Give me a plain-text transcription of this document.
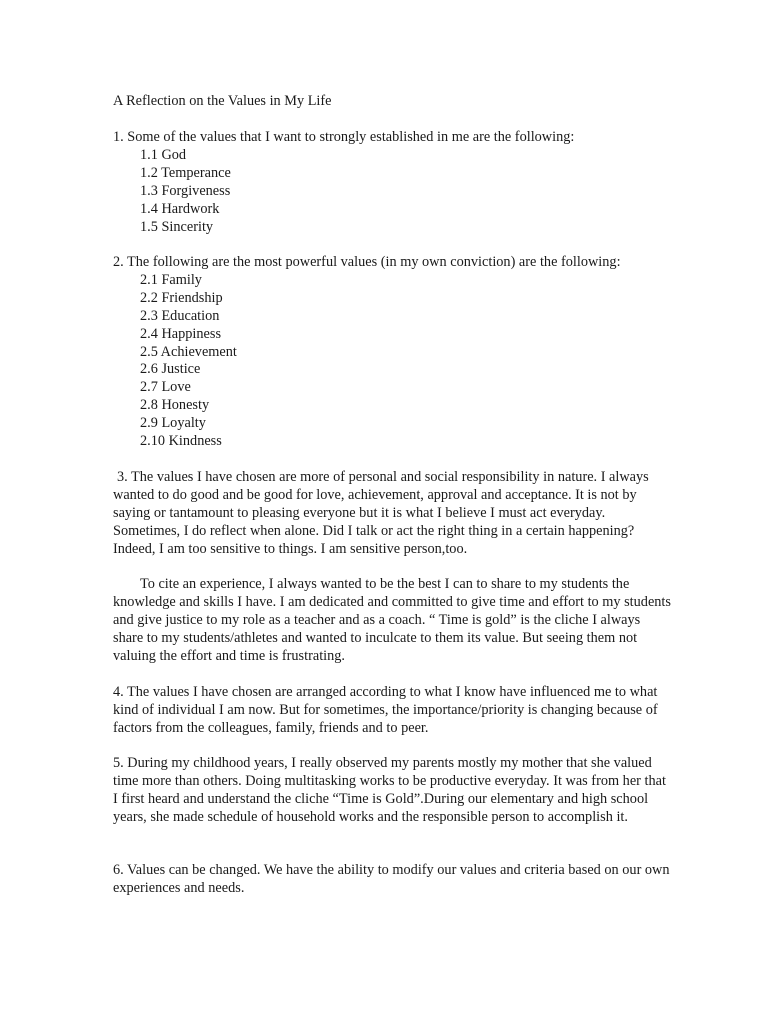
A Reflection on the Values in My Life

1. Some of the values that I want to strongly established in me are the following:

1.1 God
1.2 Temperance
1.3 Forgiveness
1.4 Hardwork
1.5 Sincerity

2. The following are the most powerful values (in my own conviction) are the following:

2.1 Family
2.2 Friendship
2.3 Education
2.4 Happiness
2.5 Achievement
2.6 Justice
2.7 Love
2.8 Honesty
2.9 Loyalty
2.10 Kindness

3. The values I have chosen are more of personal and social responsibility in nature. I always wanted to do good and be good for love, achievement, approval and acceptance. It is not by saying or tantamount to pleasing everyone but it is what I believe I must act everyday. Sometimes, I do reflect when alone. Did I talk or act the right thing in a certain happening? Indeed, I am too sensitive to things. I am sensitive person,too.

To cite an experience, I always wanted to be the best I can to share to my students the knowledge and skills I have. I am dedicated and committed to give time and effort to my students and give justice to my role as a teacher and as a coach. “ Time is gold” is the cliche I always share to my students/athletes and wanted to inculcate to them its value. But seeing them not valuing the effort and time is frustrating.

4. The values I have chosen are arranged according to what I know have influenced me to what kind of individual I am now. But for sometimes, the importance/priority is changing because of factors from the colleagues, family, friends and to peer.

5. During my childhood years, I really observed my parents mostly my mother that she valued time more than others. Doing multitasking works to be productive everyday. It was from her that I first heard and understand the cliche “Time is Gold”.During our elementary and high school years, she made schedule of household works and the responsible person to accomplish it.

6. Values can be changed. We have the ability to modify our values and criteria based on our own experiences and needs.
